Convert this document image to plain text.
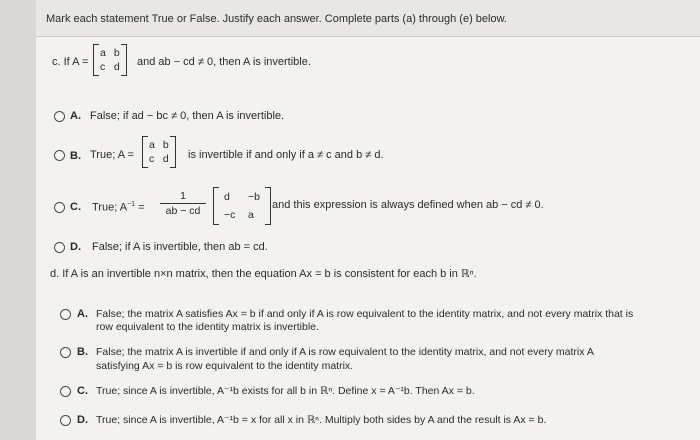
Mark each statement True or False. Justify each answer. Complete parts (a) through (e) below.
c. If A =
a b
c d and ab − cd ≠ 0, then A is invertible.
A. False; if ad − bc ≠ 0, then A is invertible.
B. True; A =
a b
c d is invertible if and only if a ≠ c and b ≠ d.
C. True; $A^{-1}$ =
1
ab − cd
d	−b
−c a
and this expression is always defined when ab − cd ≠ 0.
D. False; if A is invertible, then ab = cd.
d. If A is an invertible n×n matrix, then the equation Ax = b is consistent for each b in ℝⁿ.
A. False; the matrix A satisfies Ax = b if and only if A is row equivalent to the identity matrix, and not every matrix that is
row equivalent to the identity matrix is invertible.
B. False; the matrix A is invertible if and only if A is row equivalent to the identity matrix, and not every matrix A
satisfying Ax = b is row equivalent to the identity matrix.
C. True; since A is invertible, A⁻¹b exists for all b in ℝⁿ. Define x = A⁻¹b. Then Ax = b.
D. True; since A is invertible, A⁻¹b = x for all x in ℝⁿ. Multiply both sides by A and the result is Ax = b.
